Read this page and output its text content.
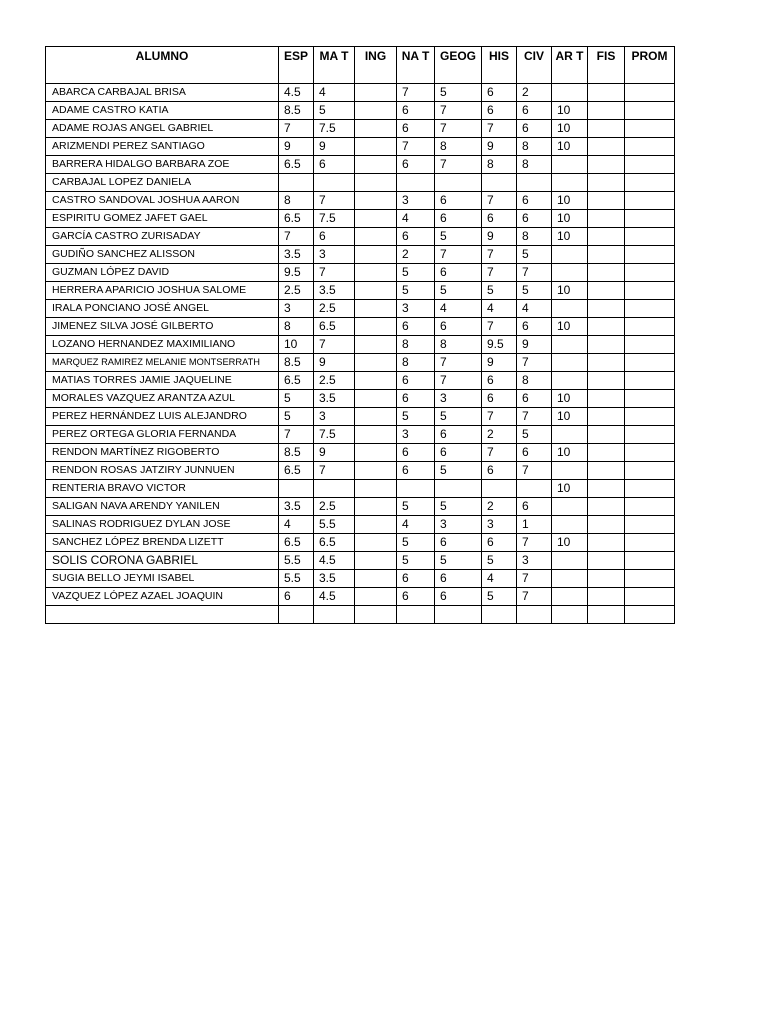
ALUMNO	ESP	MA T	ING	NA T	GEOG	HIS	CIV	AR T	FIS	PROM
ABARCA CARBAJAL BRISA	4.5	4		7	5	6	2			
ADAME CASTRO KATIA	8.5	5		6	7	6	6	10		
ADAME ROJAS ANGEL GABRIEL	7	7.5		6	7	7	6	10		
ARIZMENDI PEREZ SANTIAGO	9	9		7	8	9	8	10		
BARRERA HIDALGO BARBARA ZOE	6.5	6		6	7	8	8			
CARBAJAL LOPEZ DANIELA										
CASTRO SANDOVAL JOSHUA AARON	8	7		3	6	7	6	10		
ESPIRITU GOMEZ JAFET GAEL	6.5	7.5		4	6	6	6	10		
GARCÍA CASTRO ZURISADAY	7	6		6	5	9	8	10		
GUDIÑO SANCHEZ ALISSON	3.5	3		2	7	7	5			
GUZMAN LÓPEZ DAVID	9.5	7		5	6	7	7			
HERRERA APARICIO JOSHUA SALOME	2.5	3.5		5	5	5	5	10		
IRALA PONCIANO JOSÉ ANGEL	3	2.5		3	4	4	4			
JIMENEZ SILVA JOSÉ GILBERTO	8	6.5		6	6	7	6	10		
LOZANO HERNANDEZ MAXIMILIANO	10	7		8	8	9.5	9			
MARQUEZ RAMIREZ MELANIE MONTSERRATH	8.5	9		8	7	9	7			
MATIAS TORRES JAMIE JAQUELINE	6.5	2.5		6	7	6	8			
MORALES VAZQUEZ ARANTZA AZUL	5	3.5		6	3	6	6	10		
PEREZ HERNÁNDEZ LUIS ALEJANDRO	5	3		5	5	7	7	10		
PEREZ ORTEGA GLORIA FERNANDA	7	7.5		3	6	2	5			
RENDON MARTÍNEZ RIGOBERTO	8.5	9		6	6	7	6	10		
RENDON ROSAS JATZIRY JUNNUEN	6.5	7		6	5	6	7			
RENTERIA BRAVO VICTOR								10		
SALIGAN NAVA ARENDY YANILEN	3.5	2.5		5	5	2	6			
SALINAS RODRIGUEZ DYLAN JOSE	4	5.5		4	3	3	1			
SANCHEZ LÓPEZ BRENDA LIZETT	6.5	6.5		5	6	6	7	10		
SOLIS CORONA GABRIEL	5.5	4.5		5	5	5	3			
SUGIA BELLO JEYMI ISABEL	5.5	3.5		6	6	4	7			
VAZQUEZ LÓPEZ AZAEL JOAQUIN	6	4.5		6	6	5	7			
